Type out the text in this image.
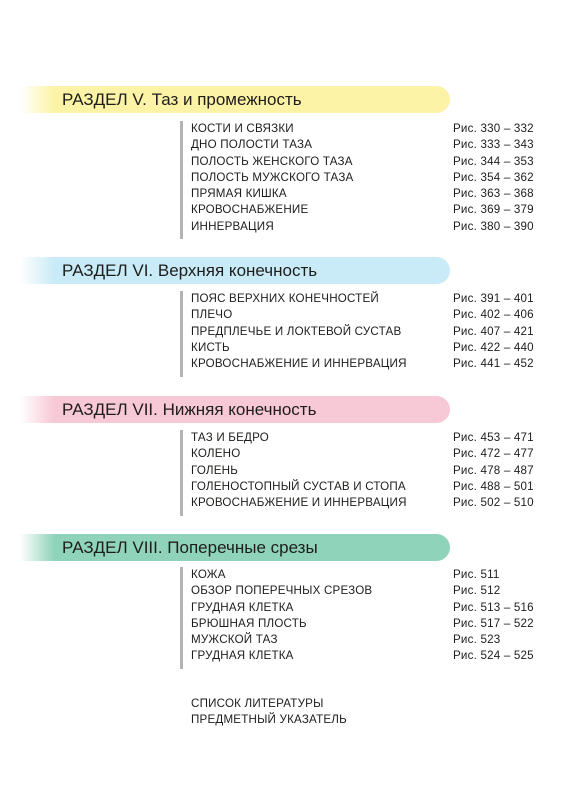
РАЗДЕЛ V. Таз и промежность
КОСТИ И СВЯЗКИ	Рис. 330 – 332
ДНО ПОЛОСТИ ТАЗА	Рис. 333 – 343
ПОЛОСТЬ ЖЕНСКОГО ТАЗА	Рис. 344 – 353
ПОЛОСТЬ МУЖСКОГО ТАЗА	Рис. 354 – 362
ПРЯМАЯ КИШКА	Рис. 363 – 368
КРОВОСНАБЖЕНИЕ	Рис. 369 – 379
ИННЕРВАЦИЯ	Рис. 380 – 390
РАЗДЕЛ VI. Верхняя конечность
ПОЯС ВЕРХНИХ КОНЕЧНОСТЕЙ	Рис. 391 – 401
ПЛЕЧО	Рис. 402 – 406
ПРЕДПЛЕЧЬЕ И ЛОКТЕВОЙ СУСТАВ	Рис. 407 – 421
КИСТЬ	Рис. 422 – 440
КРОВОСНАБЖЕНИЕ И ИННЕРВАЦИЯ	Рис. 441 – 452
РАЗДЕЛ VII. Нижняя конечность
ТАЗ И БЕДРО	Рис. 453 – 471
КОЛЕНО	Рис. 472 – 477
ГОЛЕНЬ	Рис. 478 – 487
ГОЛЕНОСТОПНЫЙ СУСТАВ И СТОПА	Рис. 488 – 501
КРОВОСНАБЖЕНИЕ И ИННЕРВАЦИЯ	Рис. 502 – 510
РАЗДЕЛ VIII. Поперечные срезы
КОЖА	Рис. 511
ОБЗОР ПОПЕРЕЧНЫХ СРЕЗОВ	Рис. 512
ГРУДНАЯ КЛЕТКА	Рис. 513 – 516
БРЮШНАЯ ПЛОСТЬ	Рис. 517 – 522
МУЖСКОЙ ТАЗ	Рис. 523
ГРУДНАЯ КЛЕТКА	Рис. 524 – 525
СПИСОК ЛИТЕРАТУРЫ
ПРЕДМЕТНЫЙ УКАЗАТЕЛЬ
